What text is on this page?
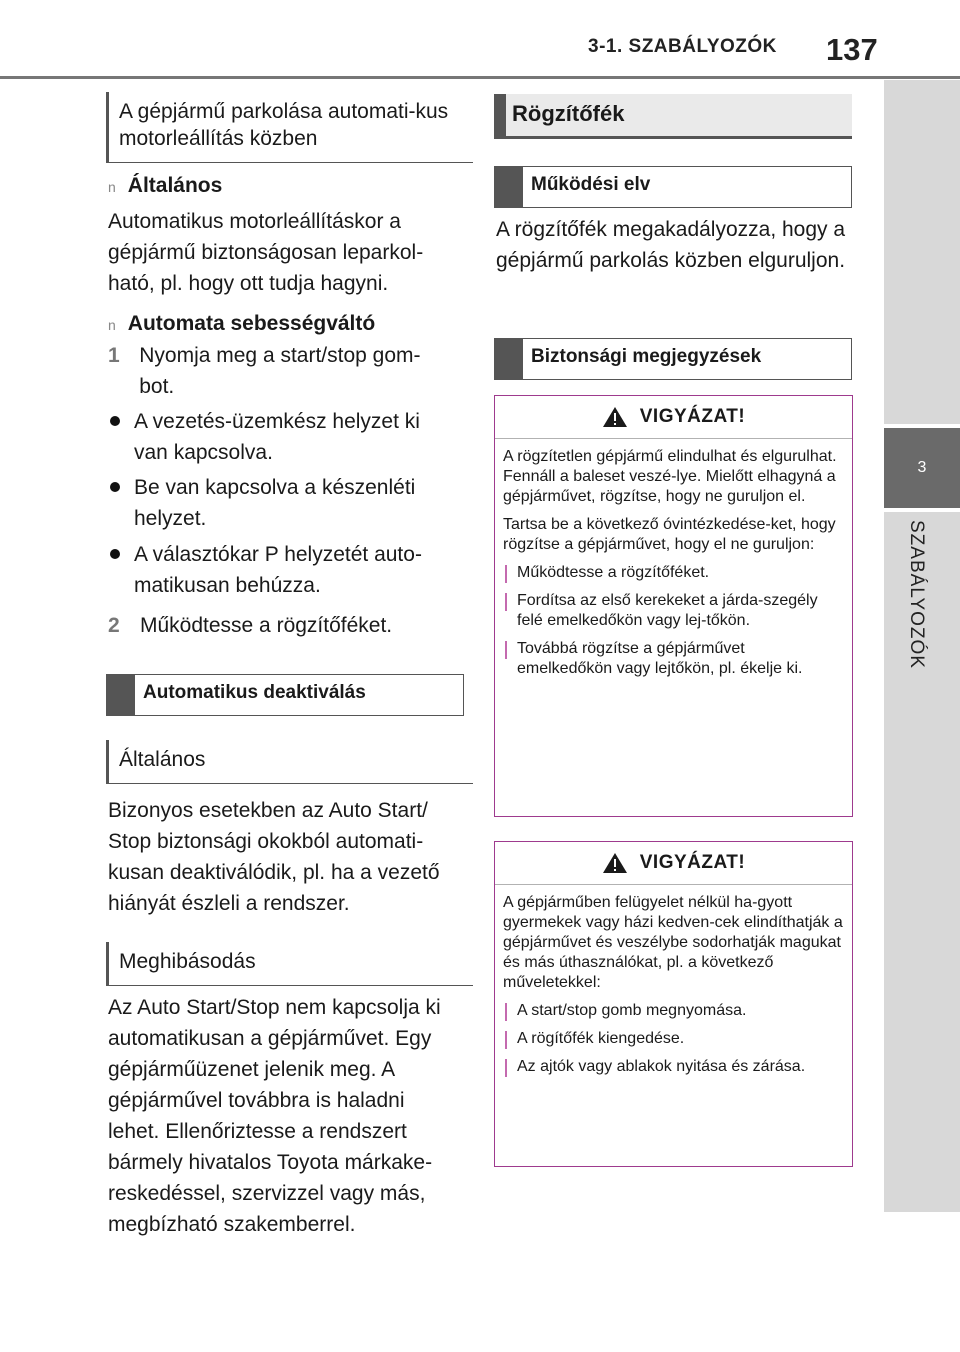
3-1. SZABÁLYOZÓK 137
3
SZABÁLYOZÓK
A gépjármű parkolása automati-kus motorleállítás közben
n Általános
Automatikus motorleállításkor a gépjármű biztonságosan leparkol-ható, pl. hogy ott tudja hagyni.
n Automata sebességváltó
1 Nyomja meg a start/stop gom-bot.
A vezetés-üzemkész helyzet ki van kapcsolva.
Be van kapcsolva a készenléti helyzet.
A választókar P helyzetét auto-matikusan behúzza.
2 Működtesse a rögzítőféket.
Automatikus deaktiválás
Általános
Bizonyos esetekben az Auto Start/ Stop biztonsági okokból automati-kusan deaktiválódik, pl. ha a vezető hiányát észleli a rendszer.
Meghibásodás
Az Auto Start/Stop nem kapcsolja ki automatikusan a gépjárművet. Egy gépjárműüzenet jelenik meg. A gépjárművel továbbra is haladni lehet. Ellenőriztesse a rendszert bármely hivatalos Toyota márkake-reskedéssel, szervizzel vagy más, megbízható szakemberrel.
Rögzítőfék
Működési elv
A rögzítőfék megakadályozza, hogy a gépjármű parkolás közben elguruljon.
Biztonsági megjegyzések
VIGYÁZAT!

A rögzítetlen gépjármű elindulhat és elgurulhat. Fennáll a baleset veszé-lye. Mielőtt elhagyná a gépjárművet, rögzítse, hogy ne guruljon el.

Tartsa be a következő óvintézkedése-ket, hogy rögzítse a gépjárművet, hogy el ne guruljon:

Működtesse a rögzítőféket.
Fordítsa az első kerekeket a járda-szegély felé emelkedőkön vagy lej-tőkön.
Továbbá rögzítse a gépjárművet emelkedőkön vagy lejtőkön, pl. ékelje ki.
VIGYÁZAT!

A gépjárműben felügyelet nélkül ha-gyott gyermekek vagy házi kedven-cek elindíthatják a gépjárművet és veszélybe sodorhatják magukat és más úthasználókat, pl. a következő műveletekkel:

A start/stop gomb megnyomása.
A rögítőfék kiengedése.
Az ajtók vagy ablakok nyitása és zárása.
